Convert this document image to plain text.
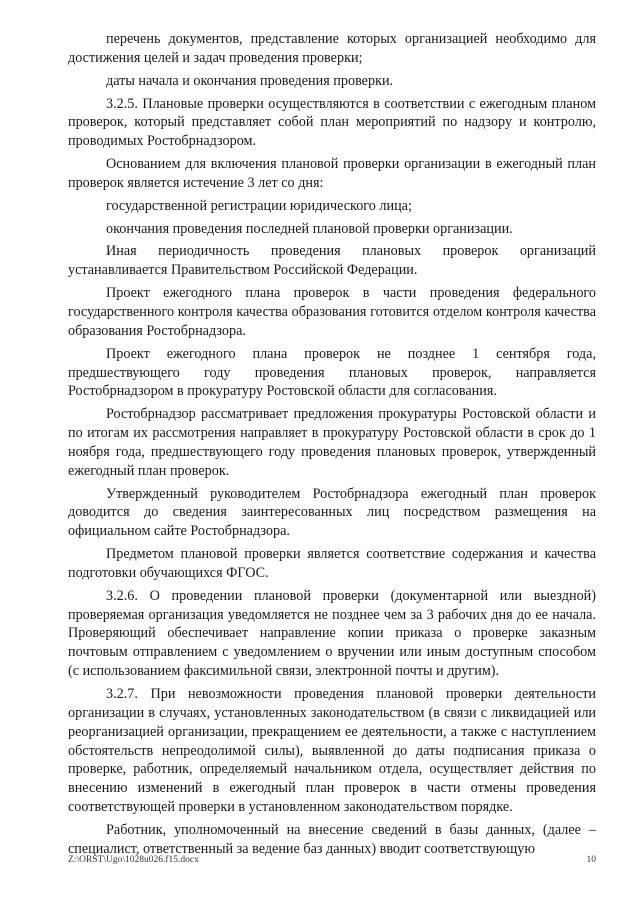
перечень документов, представление которых организацией необходимо для достижения целей и задач проведения проверки;

даты начала и окончания проведения проверки.

3.2.5. Плановые проверки осуществляются в соответствии с ежегодным планом проверок, который представляет собой план мероприятий по надзору и контролю, проводимых Ростобрнадзором.

Основанием для включения плановой проверки организации в ежегодный план проверок является истечение 3 лет со дня:

государственной регистрации юридического лица;

окончания проведения последней плановой проверки организации.

Иная периодичность проведения плановых проверок организаций устанавливается Правительством Российской Федерации.

Проект ежегодного плана проверок в части проведения федерального государственного контроля качества образования готовится отделом контроля качества образования Ростобрнадзора.

Проект ежегодного плана проверок не позднее 1 сентября года, предшествующего году проведения плановых проверок, направляется Ростобрнадзором в прокуратуру Ростовской области для согласования.

Ростобрнадзор рассматривает предложения прокуратуры Ростовской области и по итогам их рассмотрения направляет в прокуратуру Ростовской области в срок до 1 ноября года, предшествующего году проведения плановых проверок, утвержденный ежегодный план проверок.

Утвержденный руководителем Ростобрнадзора ежегодный план проверок доводится до сведения заинтересованных лиц посредством размещения на официальном сайте Ростобрнадзора.

Предметом плановой проверки является соответствие содержания и качества подготовки обучающихся ФГОС.

3.2.6. О проведении плановой проверки (документарной или выездной) проверяемая организация уведомляется не позднее чем за 3 рабочих дня до ее начала. Проверяющий обеспечивает направление копии приказа о проверке заказным почтовым отправлением с уведомлением о вручении или иным доступным способом (с использованием факсимильной связи, электронной почты и другим).

3.2.7. При невозможности проведения плановой проверки деятельности организации в случаях, установленных законодательством (в связи с ликвидацией или реорганизацией организации, прекращением ее деятельности, а также с наступлением обстоятельств непреодолимой силы), выявленной до даты подписания приказа о проверке, работник, определяемый начальником отдела, осуществляет действия по внесению изменений в ежегодный план проверок в части отмены проведения соответствующей проверки в установленном законодательством порядке.

Работник, уполномоченный на внесение сведений в базы данных, (далее – специалист, ответственный за ведение баз данных) вводит соответствующую

Z:\ORST\Ugo\1028u026.f15.docx	10
